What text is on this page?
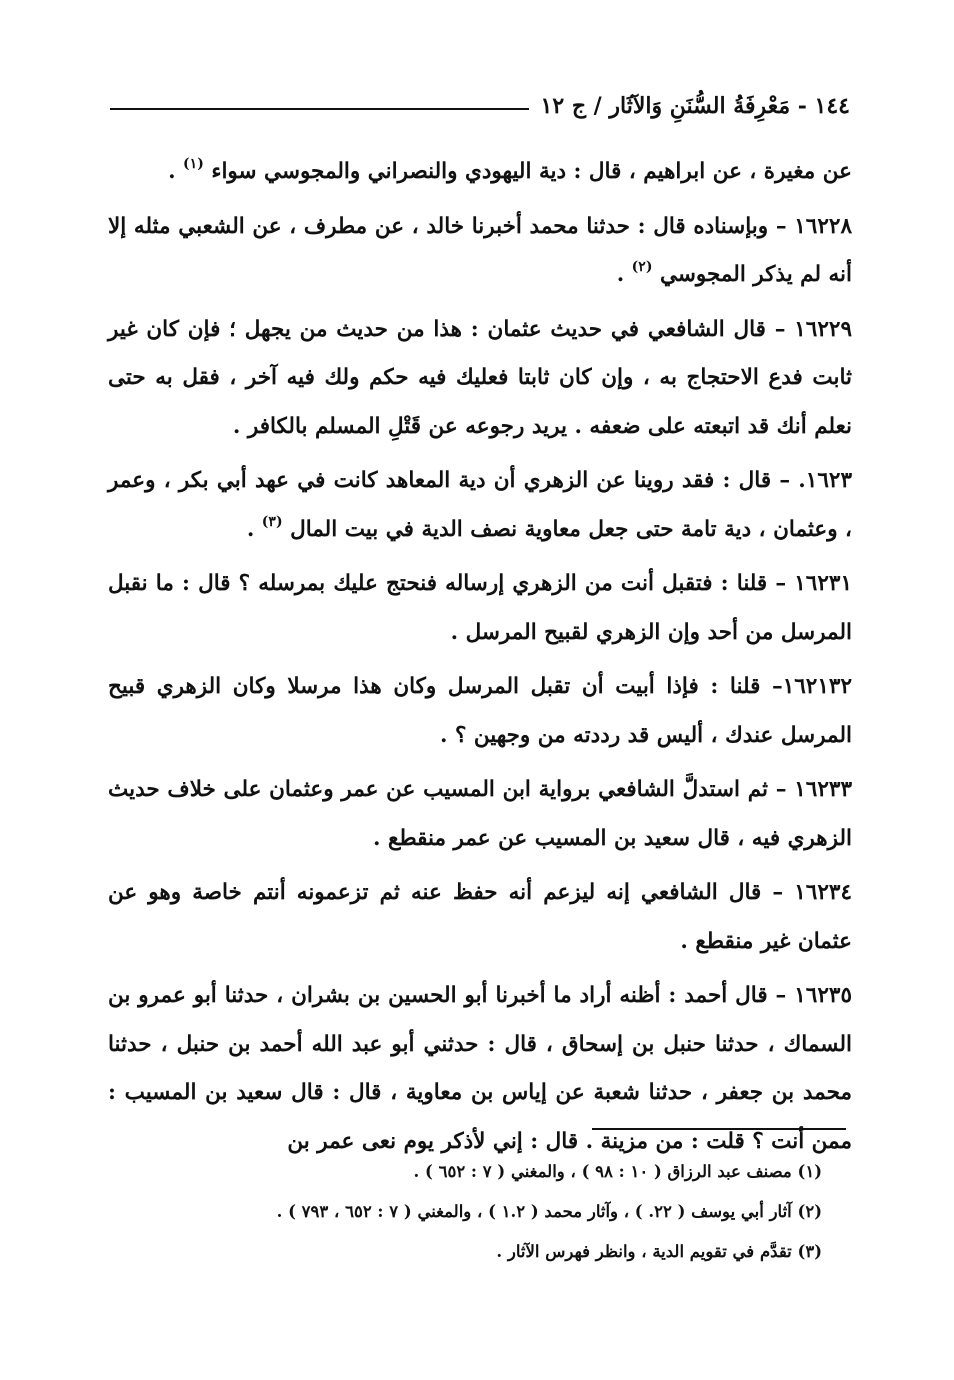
١٤٤ - مَعْرِفَةُ السُّنَنِ وَالآثَار / ج ١٢

عن مغيرة ، عن ابراهيم ، قال : دية اليهودي والنصراني والمجوسي سواء $^{(١)}$ .

١٦٢٢٨ – وبإسناده قال : حدثنا محمد أخبرنا خالد ، عن مطرف ، عن الشعبي مثله إلا أنه لم يذكر المجوسي $^{(٢)}$ .

١٦٢٢٩ – قال الشافعي في حديث عثمان : هذا من حديث من يجهل ؛ فإن كان غير ثابت فدع الاحتجاج به ، وإن كان ثابتا فعليك فيه حكم ولك فيه آخر ، فقل به حتى نعلم أنك قد اتبعته على ضعفه . يريد رجوعه عن قَتْلِ المسلم بالكافر .

١٦٢٣. – قال : فقد روينا عن الزهري أن دية المعاهد كانت في عهد أبي بكر ، وعمر ، وعثمان ، دية تامة حتى جعل معاوية نصف الدية في بيت المال $^{(٣)}$ .

١٦٢٣١ – قلنا : فتقبل أنت من الزهري إرساله فنحتج عليك بمرسله ؟ قال : ما نقبل المرسل من أحد وإن الزهري لقبيح المرسل .

١٦٢١٣٢– قلنا : فإذا أبيت أن تقبل المرسل وكان هذا مرسلا وكان الزهري قبيح المرسل عندك ، أليس قد رددته من وجهين ؟ .

١٦٢٣٣ – ثم استدلَّ الشافعي برواية ابن المسيب عن عمر وعثمان على خلاف حديث الزهري فيه ، قال سعيد بن المسيب عن عمر منقطع .

١٦٢٣٤ – قال الشافعي إنه ليزعم أنه حفظ عنه ثم تزعمونه أنتم خاصة وهو عن عثمان غير منقطع .

١٦٢٣٥ – قال أحمد : أظنه أراد ما أخبرنا أبو الحسين بن بشران ، حدثنا أبو عمرو بن السماك ، حدثنا حنبل بن إسحاق ، قال : حدثني أبو عبد الله أحمد بن حنبل ، حدثنا محمد بن جعفر ، حدثنا شعبة عن إياس بن معاوية ، قال : قال سعيد بن المسيب : ممن أنت ؟ قلت : من مزينة . قال : إني لأذكر يوم نعى عمر بن

(١) مصنف عبد الرزاق ( ١٠ : ٩٨ ) ، والمغني ( ٧ : ٦٥٢ ) .

(٢) آثار أبي يوسف ( ٢٢. ) ، وآثار محمد ( ١.٢ ) ، والمغني ( ٧ : ٦٥٢ ، ٧٩٣ ) .

(٣) تقدَّم في تقويم الدية ، وانظر فهرس الآثار .
